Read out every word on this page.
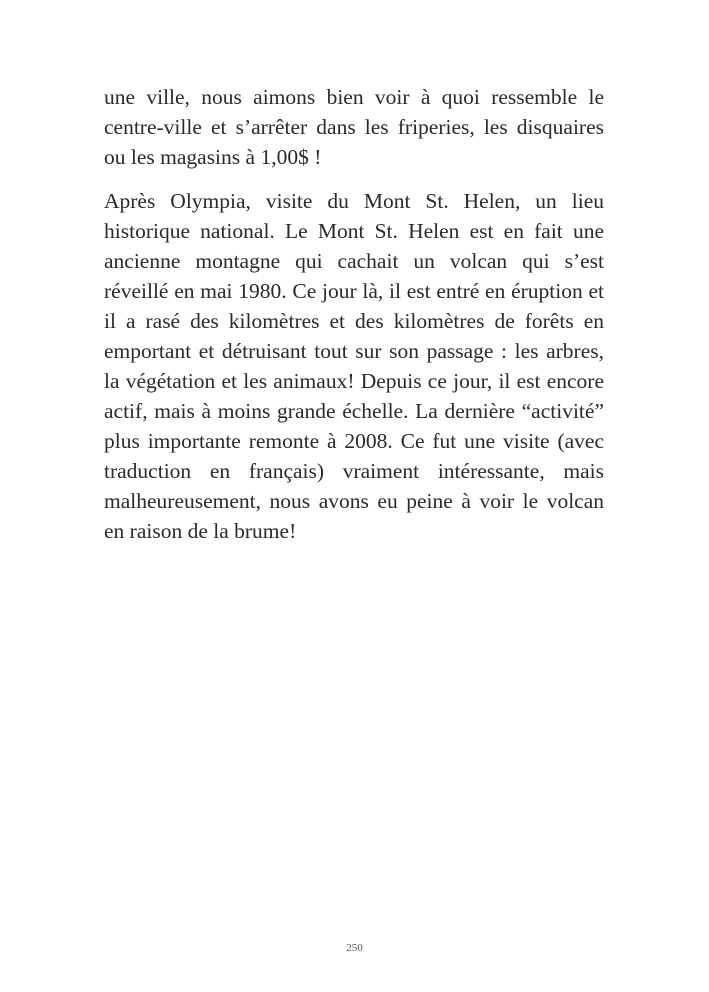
une ville, nous aimons bien voir à quoi ressemble le centre-ville et s’arrêter dans les friperies, les disquaires ou les magasins à 1,00$ !

Après Olympia, visite du Mont St. Helen, un lieu historique national. Le Mont St. Helen est en fait une ancienne montagne qui cachait un volcan qui s’est réveillé en mai 1980. Ce jour là, il est entré en éruption et il a rasé des kilomètres et des kilomètres de forêts en emportant et détruisant tout sur son passage : les arbres, la végétation et les animaux! Depuis ce jour, il est encore actif, mais à moins grande échelle. La dernière “activité” plus importante remonte à 2008. Ce fut une visite (avec traduction en français) vraiment intéressante, mais malheureusement, nous avons eu peine à voir le volcan en raison de la brume!

250
